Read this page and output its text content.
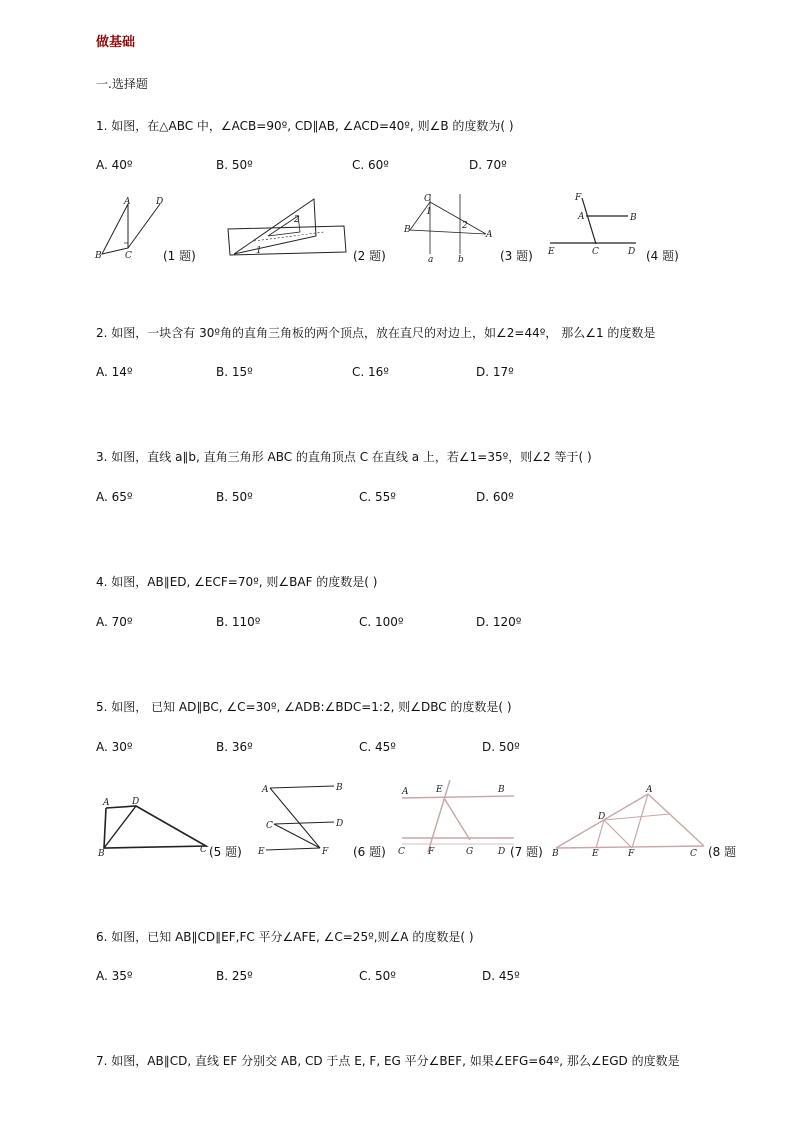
做基础
一.选择题
1. 如图，在△ABC 中，∠ACB=90º, CD∥AB, ∠ACD=40º, 则∠B 的度数为( )
A. 40º	B. 50º	C. 60º	D. 70º
A	D
B	C	(1 题)
2
1	(2 题)
C
1
2
B	A
a	b	(3 题)
F
A	B
E	C	D (4 题)
2. 如图，一块含有 30º角的直角三角板的两个顶点，放在直尺的对边上，如∠2=44º， 那么∠1 的度数是
A. 14º	B. 15º	C. 16º	D. 17º
3. 如图，直线 a∥b, 直角三角形 ABC 的直角顶点 C 在直线 a 上，若∠1=35º，则∠2 等于( )
A. 65º	B. 50º	C. 55º	D. 60º
4. 如图，AB∥ED, ∠ECF=70º, 则∠BAF 的度数是( )
A. 70º	B. 110º	C. 100º	D. 120º
5. 如图， 已知 AD∥BC, ∠C=30º, ∠ADB:∠BDC=1:2, 则∠DBC 的度数是( )
A. 30º	B. 36º	C. 45º	D. 50º
A	D
B	C (5 题)
A	B
C	D
E	F (6 题)
A	E	B
C	F	G	D (7 题)
A
D
B	E	F	C (8 题
6. 如图，已知 AB∥CD∥EF,FC 平分∠AFE, ∠C=25º,则∠A 的度数是( )
A. 35º	B. 25º	C. 50º	D. 45º
7. 如图，AB∥CD, 直线 EF 分别交 AB, CD 于点 E, F, EG 平分∠BEF, 如果∠EFG=64º, 那么∠EGD 的度数是
